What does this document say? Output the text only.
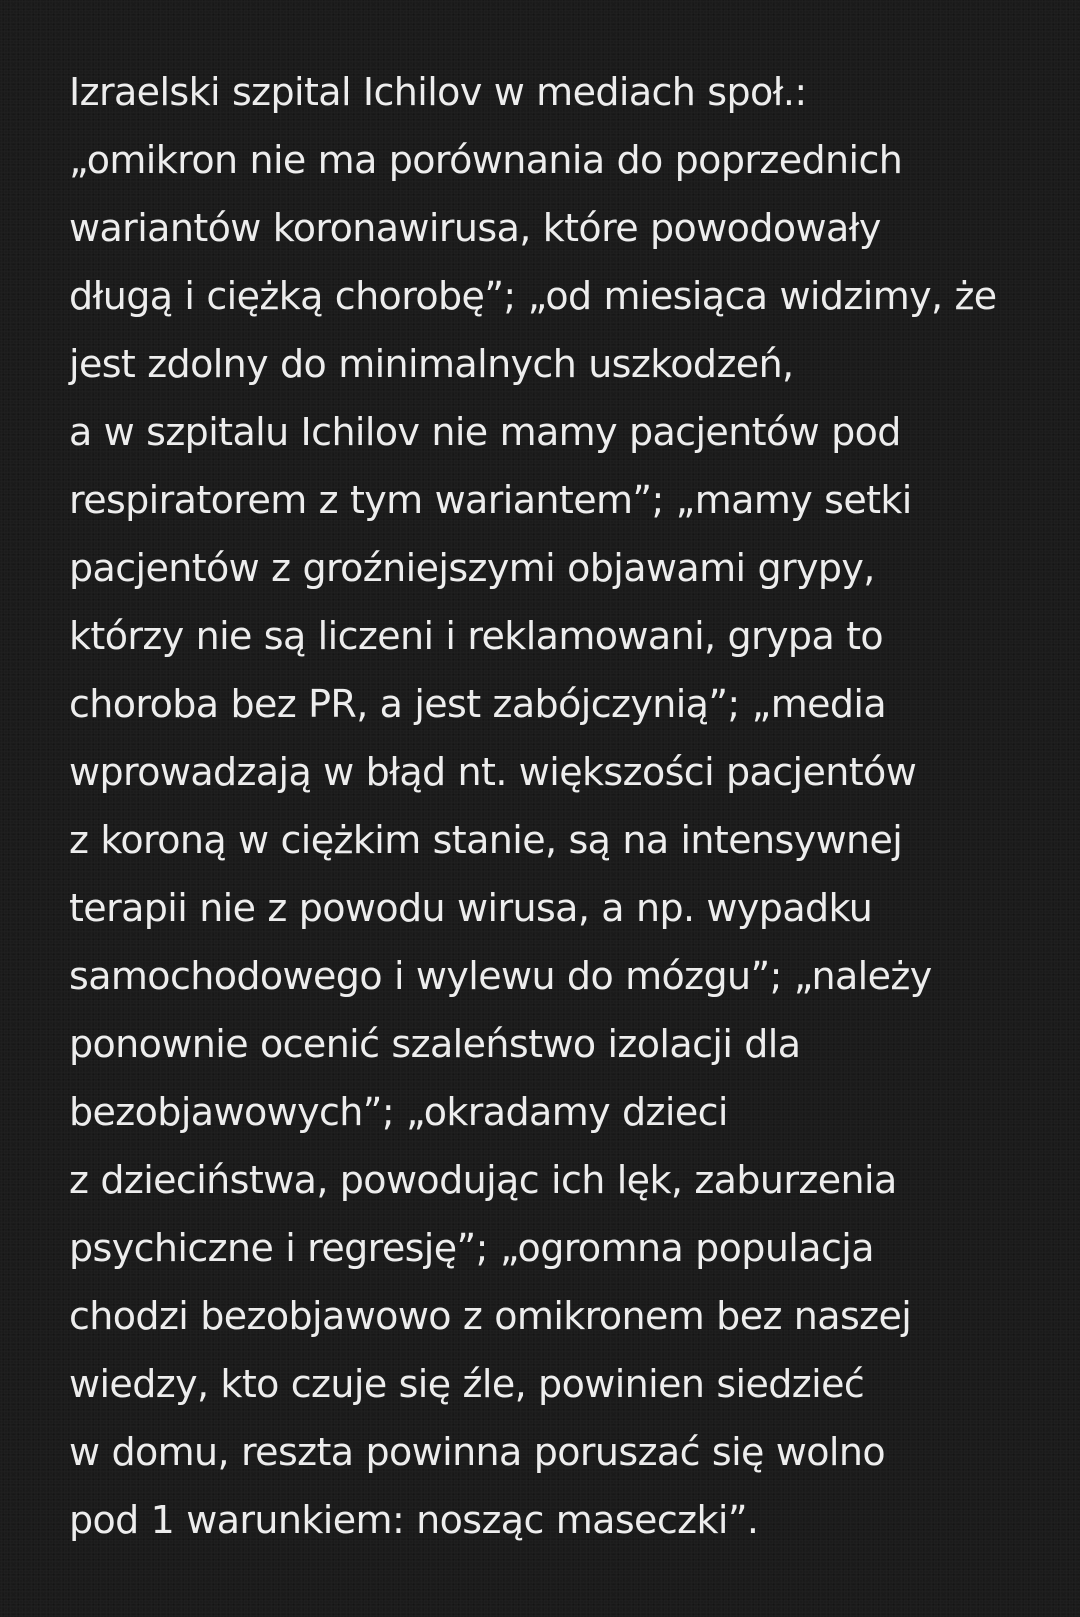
Izraelski szpital Ichilov w mediach społ.:
„omikron nie ma porównania do poprzednich
wariantów koronawirusa, które powodowały
długą i ciężką chorobę”; „od miesiąca widzimy, że
jest zdolny do minimalnych uszkodzeń,
a w szpitalu Ichilov nie mamy pacjentów pod
respiratorem z tym wariantem”; „mamy setki
pacjentów z groźniejszymi objawami grypy,
którzy nie są liczeni i reklamowani, grypa to
choroba bez PR, a jest zabójczynią”; „media
wprowadzają w błąd nt. większości pacjentów
z koroną w ciężkim stanie, są na intensywnej
terapii nie z powodu wirusa, a np. wypadku
samochodowego i wylewu do mózgu”; „należy
ponownie ocenić szaleństwo izolacji dla
bezobjawowych”; „okradamy dzieci
z dzieciństwa, powodując ich lęk, zaburzenia
psychiczne i regresję”; „ogromna populacja
chodzi bezobjawowo z omikronem bez naszej
wiedzy, kto czuje się źle, powinien siedzieć
w domu, reszta powinna poruszać się wolno
pod 1 warunkiem: nosząc maseczki”.
